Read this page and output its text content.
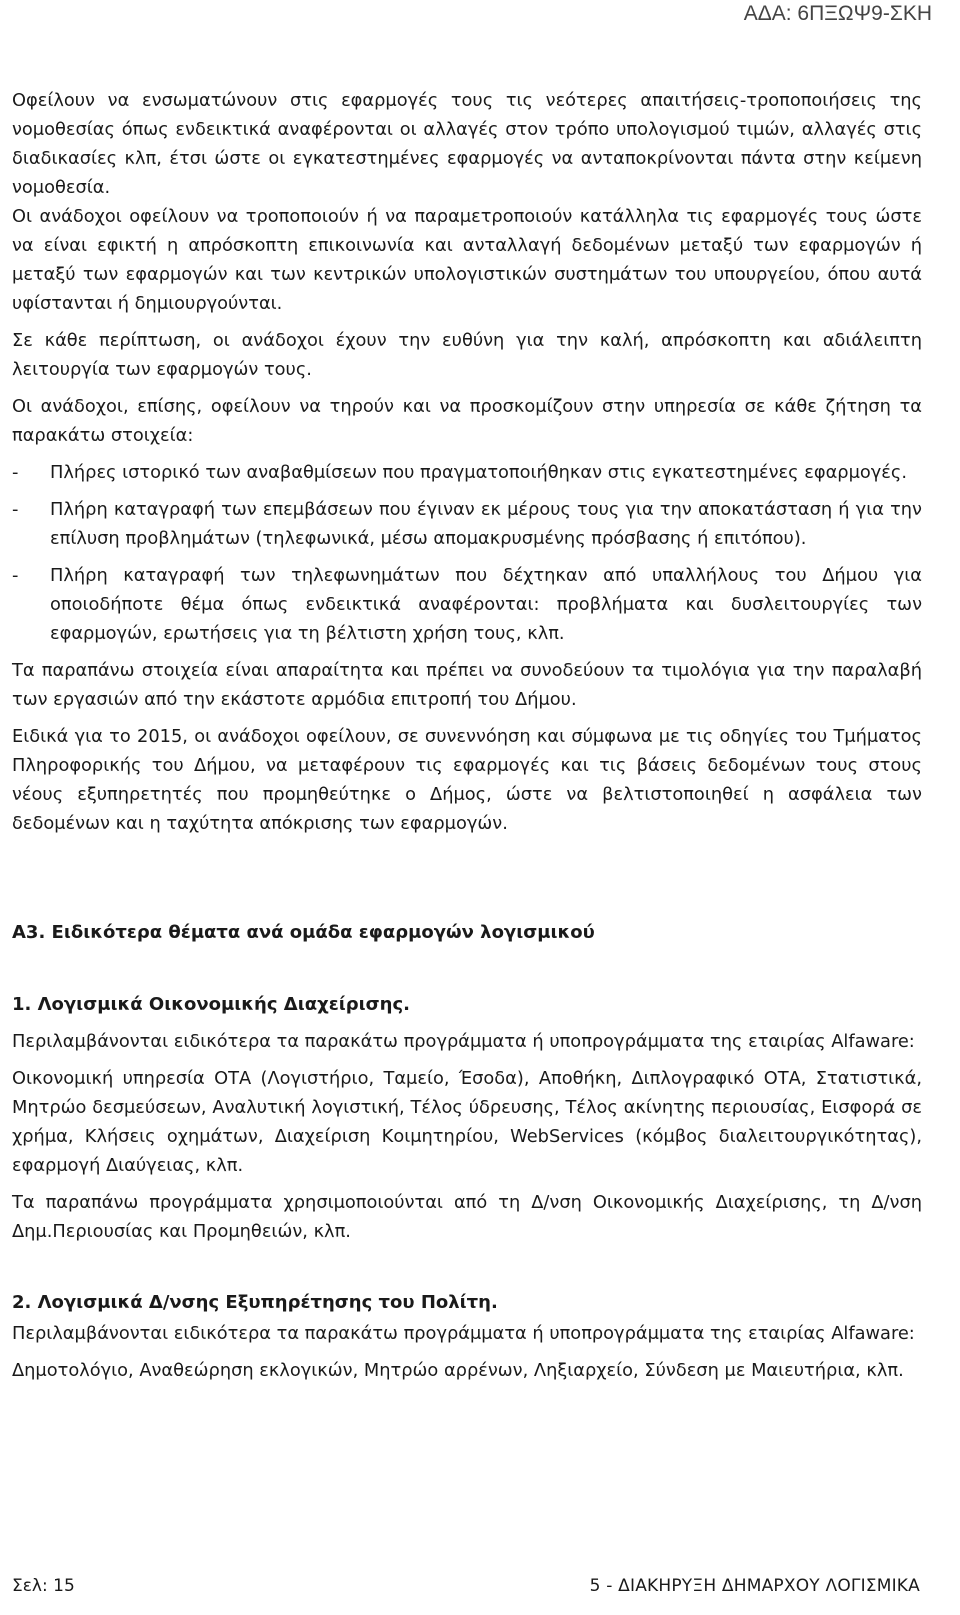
ΑΔΑ: 6ΠΞΩΨ9-ΣΚΗ

Οφείλουν να ενσωματώνουν στις εφαρμογές τους τις νεότερες απαιτήσεις-τροποποιήσεις της νομοθεσίας όπως ενδεικτικά αναφέρονται οι αλλαγές στον τρόπο υπολογισμού τιμών, αλλαγές στις διαδικασίες κλπ, έτσι ώστε οι εγκατεστημένες εφαρμογές να ανταποκρίνονται πάντα στην κείμενη νομοθεσία.

Οι ανάδοχοι οφείλουν να τροποποιούν ή να παραμετροποιούν κατάλληλα τις εφαρμογές τους ώστε να είναι εφικτή η απρόσκοπτη επικοινωνία και ανταλλαγή δεδομένων μεταξύ των εφαρμογών ή μεταξύ των εφαρμογών και των κεντρικών υπολογιστικών συστημάτων του υπουργείου, όπου αυτά υφίστανται ή δημιουργούνται.

Σε κάθε περίπτωση, οι ανάδοχοι έχουν την ευθύνη για την καλή, απρόσκοπτη και αδιάλειπτη λειτουργία των εφαρμογών τους.

Οι ανάδοχοι, επίσης, οφείλουν να τηρούν και να προσκομίζουν στην υπηρεσία σε κάθε ζήτηση τα παρακάτω στοιχεία:

- Πλήρες ιστορικό των αναβαθμίσεων που πραγματοποιήθηκαν στις εγκατεστημένες εφαρμογές.

- Πλήρη καταγραφή των επεμβάσεων που έγιναν εκ μέρους τους για την αποκατάσταση ή για την επίλυση προβλημάτων (τηλεφωνικά, μέσω απομακρυσμένης πρόσβασης ή επιτόπου).

- Πλήρη καταγραφή των τηλεφωνημάτων που δέχτηκαν από υπαλλήλους του Δήμου για οποιοδήποτε θέμα όπως ενδεικτικά αναφέρονται: προβλήματα και δυσλειτουργίες των εφαρμογών, ερωτήσεις για τη βέλτιστη χρήση τους, κλπ.

Τα παραπάνω στοιχεία είναι απαραίτητα και πρέπει να συνοδεύουν τα τιμολόγια για την παραλαβή των εργασιών από την εκάστοτε αρμόδια επιτροπή του Δήμου.

Ειδικά για το 2015, οι ανάδοχοι οφείλουν, σε συνεννόηση και σύμφωνα με τις οδηγίες του Τμήματος Πληροφορικής του Δήμου, να μεταφέρουν τις εφαρμογές και τις βάσεις δεδομένων τους στους νέους εξυπηρετητές που προμηθεύτηκε ο Δήμος, ώστε να βελτιστοποιηθεί η ασφάλεια των δεδομένων και η ταχύτητα απόκρισης των εφαρμογών.

Α3. Ειδικότερα θέματα ανά ομάδα εφαρμογών λογισμικού
1. Λογισμικά Οικονομικής Διαχείρισης.

Περιλαμβάνονται ειδικότερα τα παρακάτω προγράμματα ή υποπρογράμματα της εταιρίας Alfaware:

Οικονομική υπηρεσία ΟΤΑ (Λογιστήριο, Ταμείο, Έσοδα), Αποθήκη, Διπλογραφικό ΟΤΑ, Στατιστικά, Μητρώο δεσμεύσεων, Αναλυτική λογιστική, Τέλος ύδρευσης, Τέλος ακίνητης περιουσίας, Εισφορά σε χρήμα, Κλήσεις οχημάτων, Διαχείριση Κοιμητηρίου, WebServices (κόμβος διαλειτουργικότητας), εφαρμογή Διαύγειας, κλπ.

Τα παραπάνω προγράμματα χρησιμοποιούνται από τη Δ/νση Οικονομικής Διαχείρισης, τη Δ/νση Δημ.Περιουσίας και Προμηθειών, κλπ.

2. Λογισμικά Δ/νσης Εξυπηρέτησης του Πολίτη.

Περιλαμβάνονται ειδικότερα τα παρακάτω προγράμματα ή υποπρογράμματα της εταιρίας Alfaware:

Δημοτολόγιο, Αναθεώρηση εκλογικών, Μητρώο αρρένων, Ληξιαρχείο, Σύνδεση με Μαιευτήρια, κλπ.

Σελ: 15	5 - ΔΙΑΚΗΡΥΞΗ ΔΗΜΑΡΧΟΥ ΛΟΓΙΣΜΙΚΑ
